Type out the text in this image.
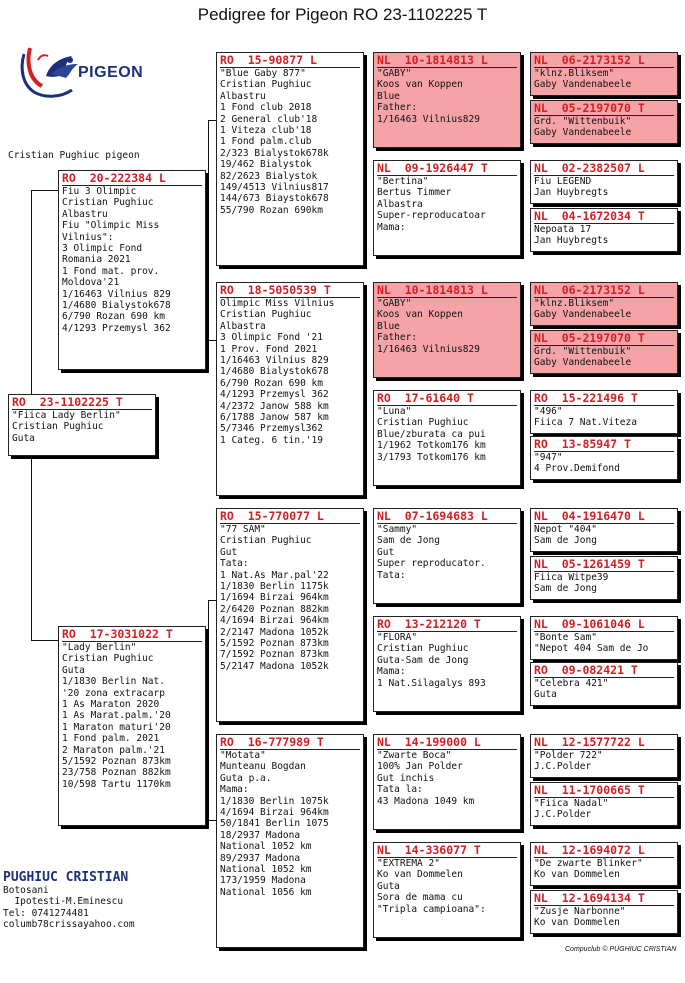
Pedigree for Pigeon RO 23-1102225 T
PIGEON
Cristian Pughiuc pigeon
RO  23-1102225 T
"Fiica Lady Berlin"
Cristian Pughiuc
Guta
RO  20-222384 L
Fiu 3 Olimpic
Cristian Pughiuc
Albastru
Fiu "Olimpic Miss
Vilnius":
3 Olimpic Fond
Romania 2021
1 Fond mat. prov.
Moldova'21
1/16463 Vilnius 829
1/4680 Bialystok678
6/790 Rozan 690 km
4/1293 Przemysl 362
RO  17-3031022 T
"Lady Berlin"
Cristian Pughiuc
Guta
1/1830 Berlin Nat.
'20 zona extracarp
1 As Maraton 2020
1 As Marat.palm.'20
1 Maraton maturi'20
1 Fond palm. 2021
2 Maraton palm.'21
5/1592 Poznan 873km
23/758 Poznan 882km
10/598 Tartu 1170km
RO  15-90877 L
"Blue Gaby 877"
Cristian Pughiuc
Albastru
1 Fond club 2018
2 General club'18
1 Viteza club'18
1 Fond palm.club
2/323 Bialystok678k
19/462 Bialystok
82/2623 Bialystok
149/4513 Vilnius817
144/673 Biaystok678
55/790 Rozan 690km
RO  18-5050539 T
Olimpic Miss Vilnius
Cristian Pughiuc
Albastra
3 Olimpic Fond '21
1 Prov. Fond 2021
1/16463 Vilnius 829
1/4680 Bialystok678
6/790 Rozan 690 km
4/1293 Przemysl 362
4/2372 Janow 588 km
6/1788 Janow 587 km
5/7346 Przemysl362
1 Categ. 6 tin.'19
RO  15-770077 L
"77 SAM"
Cristian Pughiuc
Gut
Tata:
1 Nat.As Mar.pal'22
1/1830 Berlin 1175k
1/1694 Birzai 964km
2/6420 Poznan 882km
4/1694 Birzai 964km
2/2147 Madona 1052k
5/1592 Poznan 873km
7/1592 Poznan 873km
5/2147 Madona 1052k
RO  16-777989 T
"Motata"
Munteanu Bogdan
Guta p.a.
Mama:
1/1830 Berlin 1075k
4/1694 Birzai 964km
50/1841 Berlin 1075
18/2937 Madona
National 1052 km
89/2937 Madona
National 1052 km
173/1959 Madona
National 1056 km
NL  10-1814813 L
"GABY"
Koos van Koppen
Blue
Father:
1/16463 Vilnius829
NL  09-1926447 T
"Bertina"
Bertus Timmer
Albastra
Super-reproducatoar
Mama:
NL  10-1814813 L
"GABY"
Koos van Koppen
Blue
Father:
1/16463 Vilnius829
RO  17-61640 T
"Luna"
Cristian Pughiuc
Blue/zburata ca pui
1/1962 Totkom176 km
3/1793 Totkom176 km
NL  07-1694683 L
"Sammy"
Sam de Jong
Gut
Super reproducator.
Tata:
RO  13-212120 T
"FLORA"
Cristian Pughiuc
Guta-Sam de Jong
Mama:
1 Nat.Silagalys 893
NL  14-199000 L
"Zwarte Boca"
100% Jan Polder
Gut inchis
Tata la:
43 Madona 1049 km
NL  14-336077 T
"EXTREMA 2"
Ko van Dommelen
Guta
Sora de mama cu
"Tripla campioana":
NL  06-2173152 L
"klnz.Bliksem"
Gaby Vandenabeele
NL  05-2197070 T
Grd. "Wittenbuik"
Gaby Vandenabeele
NL  02-2382507 L
Fiu LEGEND
Jan Huybregts
NL  04-1672034 T
Nepoata 17
Jan Huybregts
NL  06-2173152 L
"klnz.Bliksem"
Gaby Vandenabeele
NL  05-2197070 T
Grd. "Wittenbuik"
Gaby Vandenabeele
RO  15-221496 T
"496"
Fiica 7 Nat.Viteza
RO  13-85947 T
"947"
4 Prov.Demifond
NL  04-1916470 L
Nepot "404"
Sam de Jong
NL  05-1261459 T
Fiica Witpe39
Sam de Jong
NL  09-1061046 L
"Bonte Sam"
"Nepot 404 Sam de Jo
RO  09-082421 T
"Celebra 421"
Guta
NL  12-1577722 L
"Polder 722"
J.C.Polder
NL  11-1700665 T
"Fiica Nadal"
J.C.Polder
NL  12-1694072 L
"De zwarte Blinker"
Ko van Dommelen
NL  12-1694134 T
"Zusje Narbonne"
Ko van Dommelen
PUGHIUC CRISTIAN
Botosani
Ipotesti-M.Eminescu
Tel: 0741274481
columb78crissayahoo.com
Compuclub © PUGHIUC CRISTIAN
